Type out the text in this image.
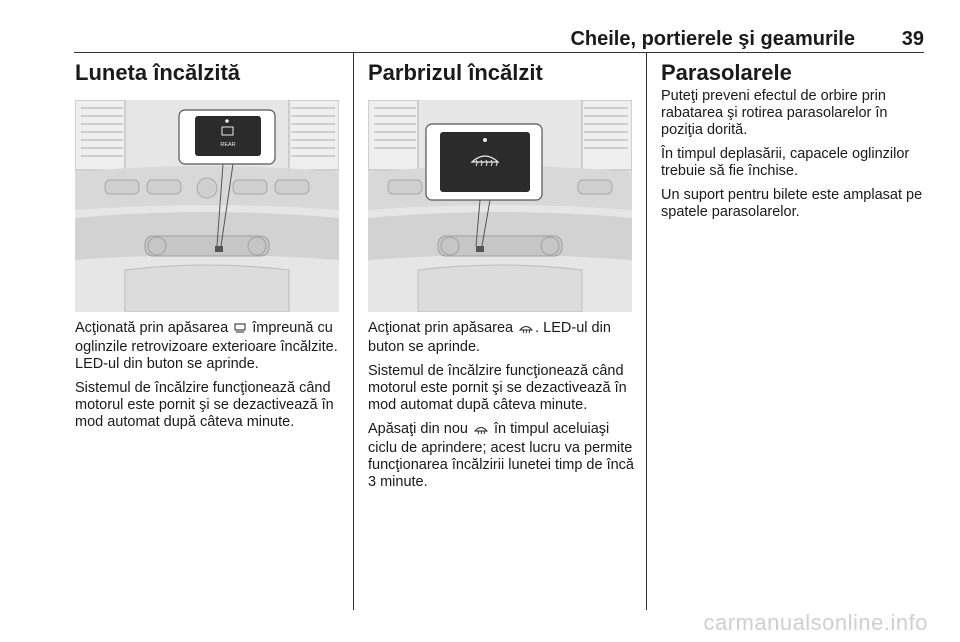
Cheile, portierele şi geamurile 39
Luneta încălzită
REAR

Acţionată prin apăsarea împreună cu oglinzile retrovizoare exterioare încălzite. LED-ul din buton se aprinde.

Sistemul de încălzire funcţionează când motorul este pornit şi se dezactivează în mod automat după câteva minute.

Parbrizul încălzit

Acţionat prin apăsarea . LED-ul din buton se aprinde.

Sistemul de încălzire funcţionează când motorul este pornit şi se dezactivează în mod automat după câteva minute.

Apăsaţi din nou în timpul aceluiaşi ciclu de aprindere; acest lucru va permite funcţionarea încălzirii lunetei timp de încă 3 minute.

Parasolarele

Puteţi preveni efectul de orbire prin rabatarea şi rotirea parasolarelor în poziţia dorită.

În timpul deplasării, capacele oglinzilor trebuie să fie închise.

Un suport pentru bilete este amplasat pe spatele parasolarelor.

carmanualsonline.info
